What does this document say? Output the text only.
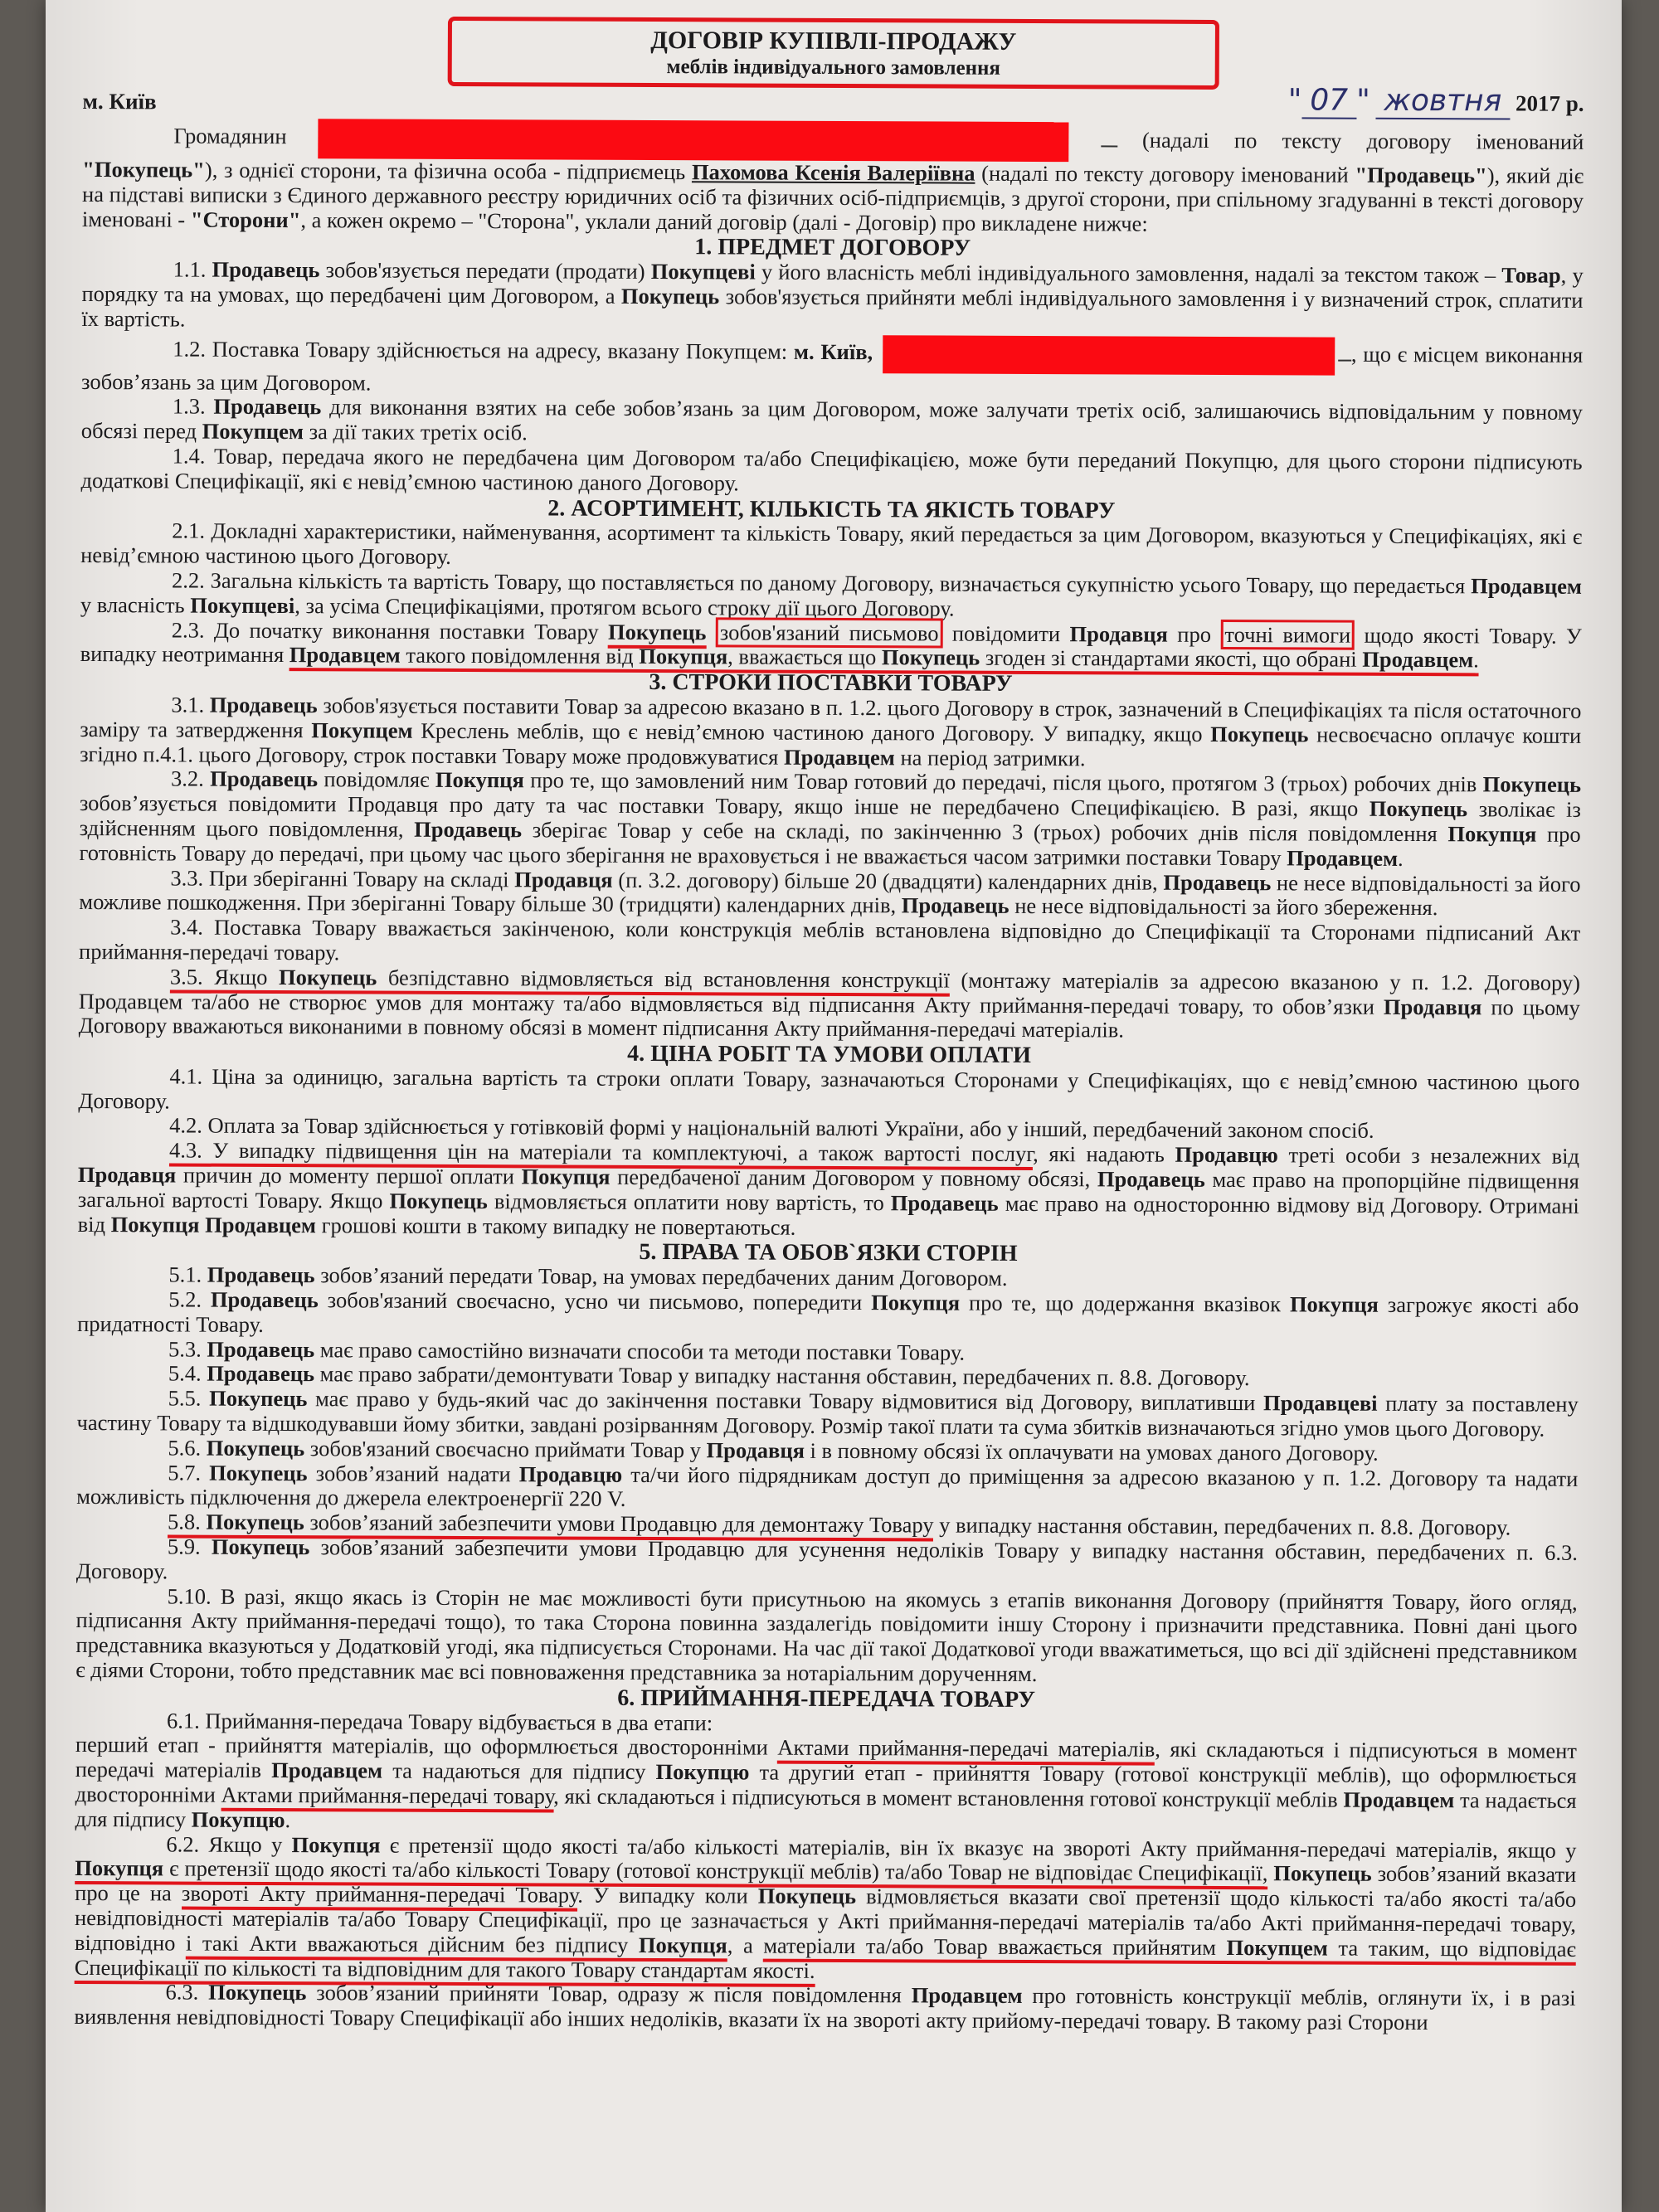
ДОГОВІР КУПІВЛІ-ПРОДАЖУ
меблів індивідуального замовлення
м. Київ	" 07 " жовтня 2017 р.

Громадянин	(надалі по тексту договору іменований "Покупець"), з однієї сторони, та фізична особа - підприємець Пахомова Ксенія Валеріївна (надалі по тексту договору іменований "Продавець"), який діє на підставі виписки з Єдиного державного реєстру юридичних осіб та фізичних осіб-підприємців, з другої сторони, при спільному згадуванні в тексті договору іменовані - "Сторони", а кожен окремо – "Сторона", уклали даний договір (далі - Договір) про викладене нижче:

1. ПРЕДМЕТ ДОГОВОРУ

1.1. Продавець зобов'язується передати (продати) Покупцеві у його власність меблі індивідуального замовлення, надалі за текстом також – Товар, у порядку та на умовах, що передбачені цим Договором, а Покупець зобов'язується прийняти меблі індивідуального замовлення і у визначений строк, сплатити їх вартість.

1.2. Поставка Товару здійснюється на адресу, вказану Покупцем: м. Київ,	, що є місцем виконання зобов’язань за цим Договором.

1.3. Продавець для виконання взятих на себе зобов’язань за цим Договором, може залучати третіх осіб, залишаючись відповідальним у повному обсязі перед Покупцем за дії таких третіх осіб.

1.4. Товар, передача якого не передбачена цим Договором та/або Специфікацією, може бути переданий Покупцю, для цього сторони підписують додаткові Специфікації, які є невід’ємною частиною даного Договору.

2. АСОРТИМЕНТ, КІЛЬКІСТЬ ТА ЯКІСТЬ ТОВАРУ

2.1. Докладні характеристики, найменування, асортимент та кількість Товару, який передається за цим Договором, вказуються у Специфікаціях, які є невід’ємною частиною цього Договору.

2.2. Загальна кількість та вартість Товару, що поставляється по даному Договору, визначається сукупністю усього Товару, що передається Продавцем у власність Покупцеві, за усіма Специфікаціями, протягом всього строку дії цього Договору.

2.3. До початку виконання поставки Товару Покупець зобов'язаний письмово повідомити Продавця про точні вимоги щодо якості Товару. У випадку неотримання Продавцем такого повідомлення від Покупця, вважається що Покупець згоден зі стандартами якості, що обрані Продавцем.

3. СТРОКИ ПОСТАВКИ ТОВАРУ

3.1. Продавець зобов'язується поставити Товар за адресою вказано в п. 1.2. цього Договору в строк, зазначений в Специфікаціях та після остаточного заміру та затвердження Покупцем Креслень меблів, що є невід’ємною частиною даного Договору. У випадку, якщо Покупець несвоєчасно оплачує кошти згідно п.4.1. цього Договору, строк поставки Товару може продовжуватися Продавцем на період затримки.

3.2. Продавець повідомляє Покупця про те, що замовлений ним Товар готовий до передачі, після цього, протягом 3 (трьох) робочих днів Покупець зобов’язується повідомити Продавця про дату та час поставки Товару, якщо інше не передбачено Специфікацією. В разі, якщо Покупець зволікає із здійсненням цього повідомлення, Продавець зберігає Товар у себе на складі, по закінченню 3 (трьох) робочих днів після повідомлення Покупця про готовність Товару до передачі, при цьому час цього зберігання не враховується і не вважається часом затримки поставки Товару Продавцем.

3.3. При зберіганні Товару на складі Продавця (п. 3.2. договору) більше 20 (двадцяти) календарних днів, Продавець не несе відповідальності за його можливе пошкодження. При зберіганні Товару більше 30 (тридцяти) календарних днів, Продавець не несе відповідальності за його збереження.

3.4. Поставка Товару вважається закінченою, коли конструкція меблів встановлена відповідно до Специфікації та Сторонами підписаний Акт приймання-передачі товару.

3.5. Якщо Покупець безпідставно відмовляється від встановлення конструкції (монтажу матеріалів за адресою вказаною у п. 1.2. Договору) Продавцем та/або не створює умов для монтажу та/або відмовляється від підписання Акту приймання-передачі товару, то обов’язки Продавця по цьому Договору вважаються виконаними в повному обсязі в момент підписання Акту приймання-передачі матеріалів.

4. ЦІНА РОБІТ ТА УМОВИ ОПЛАТИ

4.1. Ціна за одиницю, загальна вартість та строки оплати Товару, зазначаються Сторонами у Специфікаціях, що є невід’ємною частиною цього Договору.

4.2. Оплата за Товар здійснюється у готівковій формі у національній валюті України, або у інший, передбачений законом спосіб.

4.3. У випадку підвищення цін на матеріали та комплектуючі, а також вартості послуг, які надають Продавцю треті особи з незалежних від Продавця причин до моменту першої оплати Покупця передбаченої даним Договором у повному обсязі, Продавець має право на пропорційне підвищення загальної вартості Товару. Якщо Покупець відмовляється оплатити нову вартість, то Продавець має право на односторонню відмову від Договору. Отримані від Покупця Продавцем грошові кошти в такому випадку не повертаються.

5. ПРАВА ТА ОБОВ`ЯЗКИ СТОРІН

5.1. Продавець зобов’язаний передати Товар, на умовах передбачених даним Договором.

5.2. Продавець зобов'язаний своєчасно, усно чи письмово, попередити Покупця про те, що додержання вказівок Покупця загрожує якості або придатності Товару.

5.3. Продавець має право самостійно визначати способи та методи поставки Товару.

5.4. Продавець має право забрати/демонтувати Товар у випадку настання обставин, передбачених п. 8.8. Договору.

5.5. Покупець має право у будь-який час до закінчення поставки Товару відмовитися від Договору, виплативши Продавцеві плату за поставлену частину Товару та відшкодувавши йому збитки, завдані розірванням Договору. Розмір такої плати та сума збитків визначаються згідно умов цього Договору.

5.6. Покупець зобов'язаний своєчасно приймати Товар у Продавця і в повному обсязі їх оплачувати на умовах даного Договору.

5.7. Покупець зобов’язаний надати Продавцю та/чи його підрядникам доступ до приміщення за адресою вказаною у п. 1.2. Договору та надати можливість підключення до джерела електроенергії 220 V.

5.8. Покупець зобов’язаний забезпечити умови Продавцю для демонтажу Товару у випадку настання обставин, передбачених п. 8.8. Договору.

5.9. Покупець зобов’язаний забезпечити умови Продавцю для усунення недоліків Товару у випадку настання обставин, передбачених п. 6.3. Договору.

5.10. В разі, якщо якась із Сторін не має можливості бути присутньою на якомусь з етапів виконання Договору (прийняття Товару, його огляд, підписання Акту приймання-передачі тощо), то така Сторона повинна заздалегідь повідомити іншу Сторону і призначити представника. Повні дані цього представника вказуються у Додатковій угоді, яка підписується Сторонами. На час дії такої Додаткової угоди вважатиметься, що всі дії здійснені представником є діями Сторони, тобто представник має всі повноваження представника за нотаріальним дорученням.

6. ПРИЙМАННЯ-ПЕРЕДАЧА ТОВАРУ

6.1. Приймання-передача Товару відбувається в два етапи:

перший етап - прийняття матеріалів, що оформлюється двосторонніми Актами приймання-передачі матеріалів, які складаються і підписуються в момент передачі матеріалів Продавцем та надаються для підпису Покупцю та другий етап - прийняття Товару (готової конструкції меблів), що оформлюється двосторонніми Актами приймання-передачі товару, які складаються і підписуються в момент встановлення готової конструкції меблів Продавцем та надається для підпису Покупцю.

6.2. Якщо у Покупця є претензії щодо якості та/або кількості матеріалів, він їх вказує на звороті Акту приймання-передачі матеріалів, якщо у Покупця є претензії щодо якості та/або кількості Товару (готової конструкції меблів) та/або Товар не відповідає Специфікації, Покупець зобов’язаний вказати про це на звороті Акту приймання-передачі Товару. У випадку коли Покупець відмовляється вказати свої претензії щодо кількості та/або якості та/або невідповідності матеріалів та/або Товару Специфікації, про це зазначається у Акті приймання-передачі матеріалів та/або Акті приймання-передачі товару, відповідно і такі Акти вважаються дійсним без підпису Покупця, а матеріали та/або Товар вважається прийнятим Покупцем та таким, що відповідає Специфікації по кількості та відповідним для такого Товару стандартам якості.

6.3. Покупець зобов’язаний прийняти Товар, одразу ж після повідомлення Продавцем про готовність конструкції меблів, оглянути їх, і в разі виявлення невідповідності Товару Специфікації або інших недоліків, вказати їх на звороті акту прийому-передачі товару. В такому разі Сторони
